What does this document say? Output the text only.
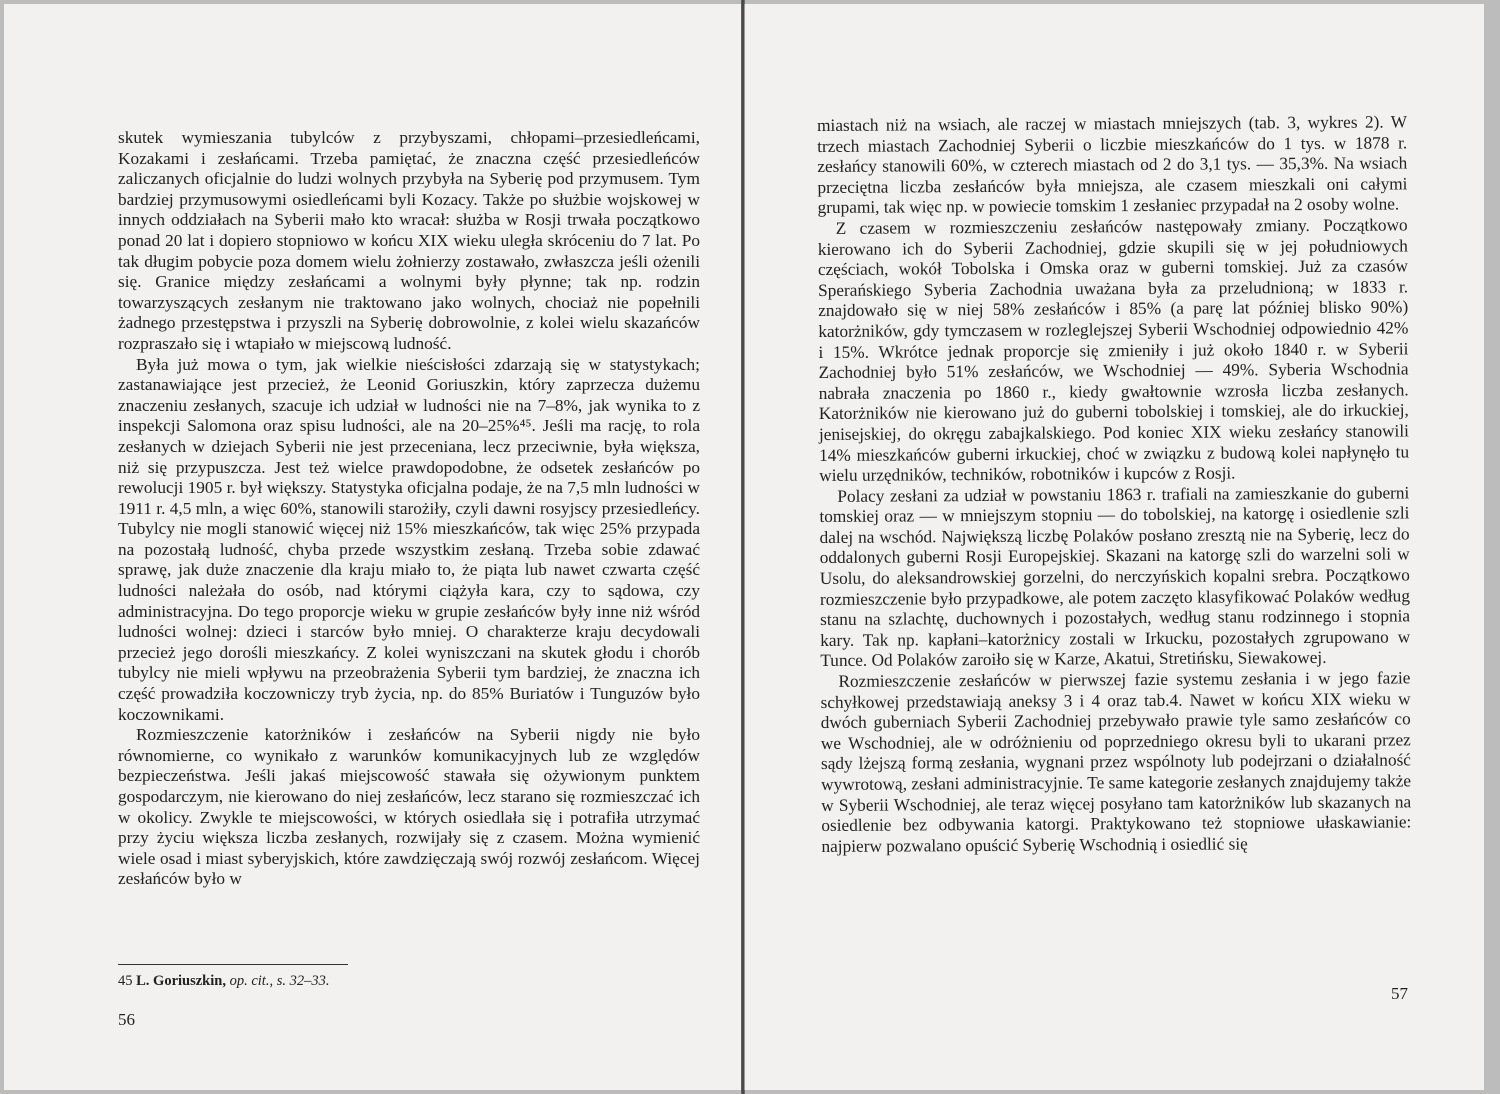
skutek wymieszania tubylców z przybyszami, chłopami–przesiedleńcami, Kozakami i zesłańcami. Trzeba pamiętać, że znaczna część przesiedleńców zaliczanych oficjalnie do ludzi wolnych przybyła na Syberię pod przymusem. Tym bardziej przymusowymi osiedleńcami byli Kozacy. Także po służbie wojskowej w innych oddziałach na Syberii mało kto wracał: służba w Rosji trwała początkowo ponad 20 lat i dopiero stopniowo w końcu XIX wieku uległa skróceniu do 7 lat. Po tak długim pobycie poza domem wielu żołnierzy zostawało, zwłaszcza jeśli ożenili się. Granice między zesłańcami a wolnymi były płynne; tak np. rodzin towarzyszących zesłanym nie traktowano jako wolnych, chociaż nie popełnili żadnego przestępstwa i przyszli na Syberię dobrowolnie, z kolei wielu skazańców rozpraszało się i wtapiało w miejscową ludność.

Była już mowa o tym, jak wielkie nieścisłości zdarzają się w statystykach; zastanawiające jest przecież, że Leonid Goriuszkin, który zaprzecza dużemu znaczeniu zesłanych, szacuje ich udział w ludności nie na 7–8%, jak wynika to z inspekcji Salomona oraz spisu ludności, ale na 20–25%⁴⁵. Jeśli ma rację, to rola zesłanych w dziejach Syberii nie jest przeceniana, lecz przeciwnie, była większa, niż się przypuszcza. Jest też wielce prawdopodobne, że odsetek zesłańców po rewolucji 1905 r. był większy. Statystyka oficjalna podaje, że na 7,5 mln ludności w 1911 r. 4,5 mln, a więc 60%, stanowili starożiły, czyli dawni rosyjscy przesiedleńcy. Tubylcy nie mogli stanowić więcej niż 15% mieszkańców, tak więc 25% przypada na pozostałą ludność, chyba przede wszystkim zesłaną. Trzeba sobie zdawać sprawę, jak duże znaczenie dla kraju miało to, że piąta lub nawet czwarta część ludności należała do osób, nad którymi ciążyła kara, czy to sądowa, czy administracyjna. Do tego proporcje wieku w grupie zesłańców były inne niż wśród ludności wolnej: dzieci i starców było mniej. O charakterze kraju decydowali przecież jego dorośli mieszkańcy. Z kolei wyniszczani na skutek głodu i chorób tubylcy nie mieli wpływu na przeobrażenia Syberii tym bardziej, że znaczna ich część prowadziła koczowniczy tryb życia, np. do 85% Buriatów i Tunguzów było koczownikami.

Rozmieszczenie katorżników i zesłańców na Syberii nigdy nie było równomierne, co wynikało z warunków komunikacyjnych lub ze względów bezpieczeństwa. Jeśli jakaś miejscowość stawała się ożywionym punktem gospodarczym, nie kierowano do niej zesłańców, lecz starano się rozmieszczać ich w okolicy. Zwykle te miejscowości, w których osiedlała się i potrafiła utrzymać przy życiu większa liczba zesłanych, rozwijały się z czasem. Można wymienić wiele osad i miast syberyjskich, które zawdzięczają swój rozwój zesłańcom. Więcej zesłańców było w

45 L. Goriuszkin, op. cit., s. 32–33.
56

miastach niż na wsiach, ale raczej w miastach mniejszych (tab. 3, wykres 2). W trzech miastach Zachodniej Syberii o liczbie mieszkańców do 1 tys. w 1878 r. zesłańcy stanowili 60%, w czterech miastach od 2 do 3,1 tys. — 35,3%. Na wsiach przeciętna liczba zesłańców była mniejsza, ale czasem mieszkali oni całymi grupami, tak więc np. w powiecie tomskim 1 zesłaniec przypadał na 2 osoby wolne.

Z czasem w rozmieszczeniu zesłańców następowały zmiany. Początkowo kierowano ich do Syberii Zachodniej, gdzie skupili się w jej południowych częściach, wokół Tobolska i Omska oraz w guberni tomskiej. Już za czasów Sperańskiego Syberia Zachodnia uważana była za przeludnioną; w 1833 r. znajdowało się w niej 58% zesłańców i 85% (a parę lat później blisko 90%) katorżników, gdy tymczasem w rozleglejszej Syberii Wschodniej odpowiednio 42% i 15%. Wkrótce jednak proporcje się zmieniły i już około 1840 r. w Syberii Zachodniej było 51% zesłańców, we Wschodniej — 49%. Syberia Wschodnia nabrała znaczenia po 1860 r., kiedy gwałtownie wzrosła liczba zesłanych. Katorżników nie kierowano już do guberni tobolskiej i tomskiej, ale do irkuckiej, jenisejskiej, do okręgu zabajkalskiego. Pod koniec XIX wieku zesłańcy stanowili 14% mieszkańców guberni irkuckiej, choć w związku z budową kolei napłynęło tu wielu urzędników, techników, robotników i kupców z Rosji.

Polacy zesłani za udział w powstaniu 1863 r. trafiali na zamieszkanie do guberni tomskiej oraz — w mniejszym stopniu — do tobolskiej, na katorgę i osiedlenie szli dalej na wschód. Największą liczbę Polaków posłano zresztą nie na Syberię, lecz do oddalonych guberni Rosji Europejskiej. Skazani na katorgę szli do warzelni soli w Usolu, do aleksandrowskiej gorzelni, do nerczyńskich kopalni srebra. Początkowo rozmieszczenie było przypadkowe, ale potem zaczęto klasyfikować Polaków według stanu na szlachtę, duchownych i pozostałych, według stanu rodzinnego i stopnia kary. Tak np. kapłani–katorżnicy zostali w Irkucku, pozostałych zgrupowano w Tunce. Od Polaków zaroiło się w Karze, Akatui, Stretińsku, Siewakowej.

Rozmieszczenie zesłańców w pierwszej fazie systemu zesłania i w jego fazie schyłkowej przedstawiają aneksy 3 i 4 oraz tab.4. Nawet w końcu XIX wieku w dwóch guberniach Syberii Zachodniej przebywało prawie tyle samo zesłańców co we Wschodniej, ale w odróżnieniu od poprzedniego okresu byli to ukarani przez sądy lżejszą formą zesłania, wygnani przez wspólnoty lub podejrzani o działalność wywrotową, zesłani administracyjnie. Te same kategorie zesłanych znajdujemy także w Syberii Wschodniej, ale teraz więcej posyłano tam katorżników lub skazanych na osiedlenie bez odbywania katorgi. Praktykowano też stopniowe ułaskawianie: najpierw pozwalano opuścić Syberię Wschodnią i osiedlić się

57
